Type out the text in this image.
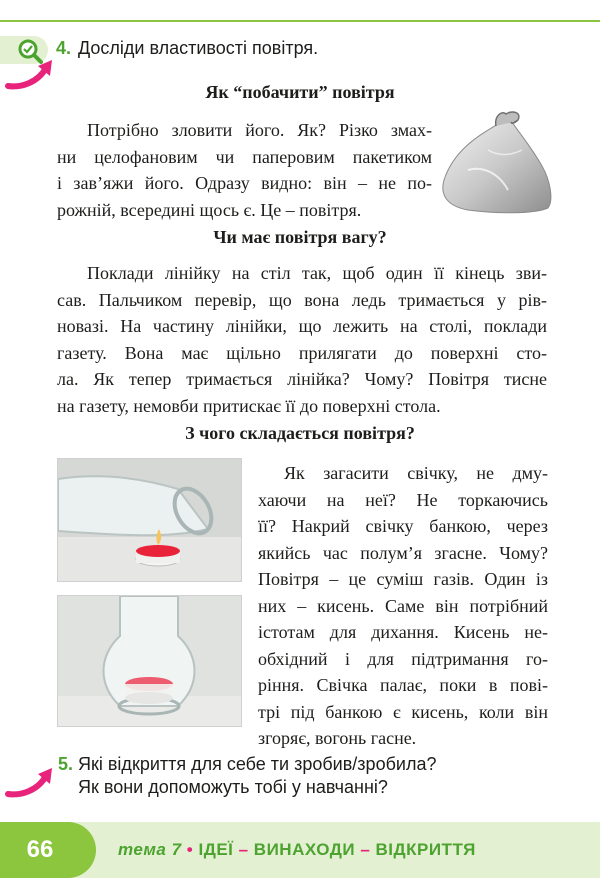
4. Досліди властивості повітря.
Як “побачити” повітря
Потрібно зловити його. Як? Різко змах-
ни целофановим чи паперовим пакетиком
і зав’яжи його. Одразу видно: він – не по-
рожній, всередині щось є. Це – повітря.
Чи має повітря вагу?
Поклади лінійку на стіл так, щоб один її кінець зви-
сав. Пальчиком перевір, що вона ледь тримається у рів-
новазі. На частину лінійки, що лежить на столі, поклади
газету. Вона має щільно прилягати до поверхні сто-
ла. Як тепер тримається лінійка? Чому? Повітря тисне
на газету, немовби притискає її до поверхні стола.
З чого складається повітря?
Як загасити свічку, не дму-
хаючи на неї? Не торкаючись
її? Накрий свічку банкою, через
якийсь час полум’я згасне. Чому?
Повітря – це суміш газів. Один із
них – кисень. Саме він потрібний
істотам для дихання. Кисень не-
обхідний і для підтримання го-
ріння. Свічка палає, поки в пові-
трі під банкою є кисень, коли він
згоряє, вогонь гасне.
5. Які відкриття для себе ти зробив/зробила?
Як вони допоможуть тобі у навчанні?
66	тема 7 • ІДЕЇ – ВИНАХОДИ – ВІДКРИТТЯ
